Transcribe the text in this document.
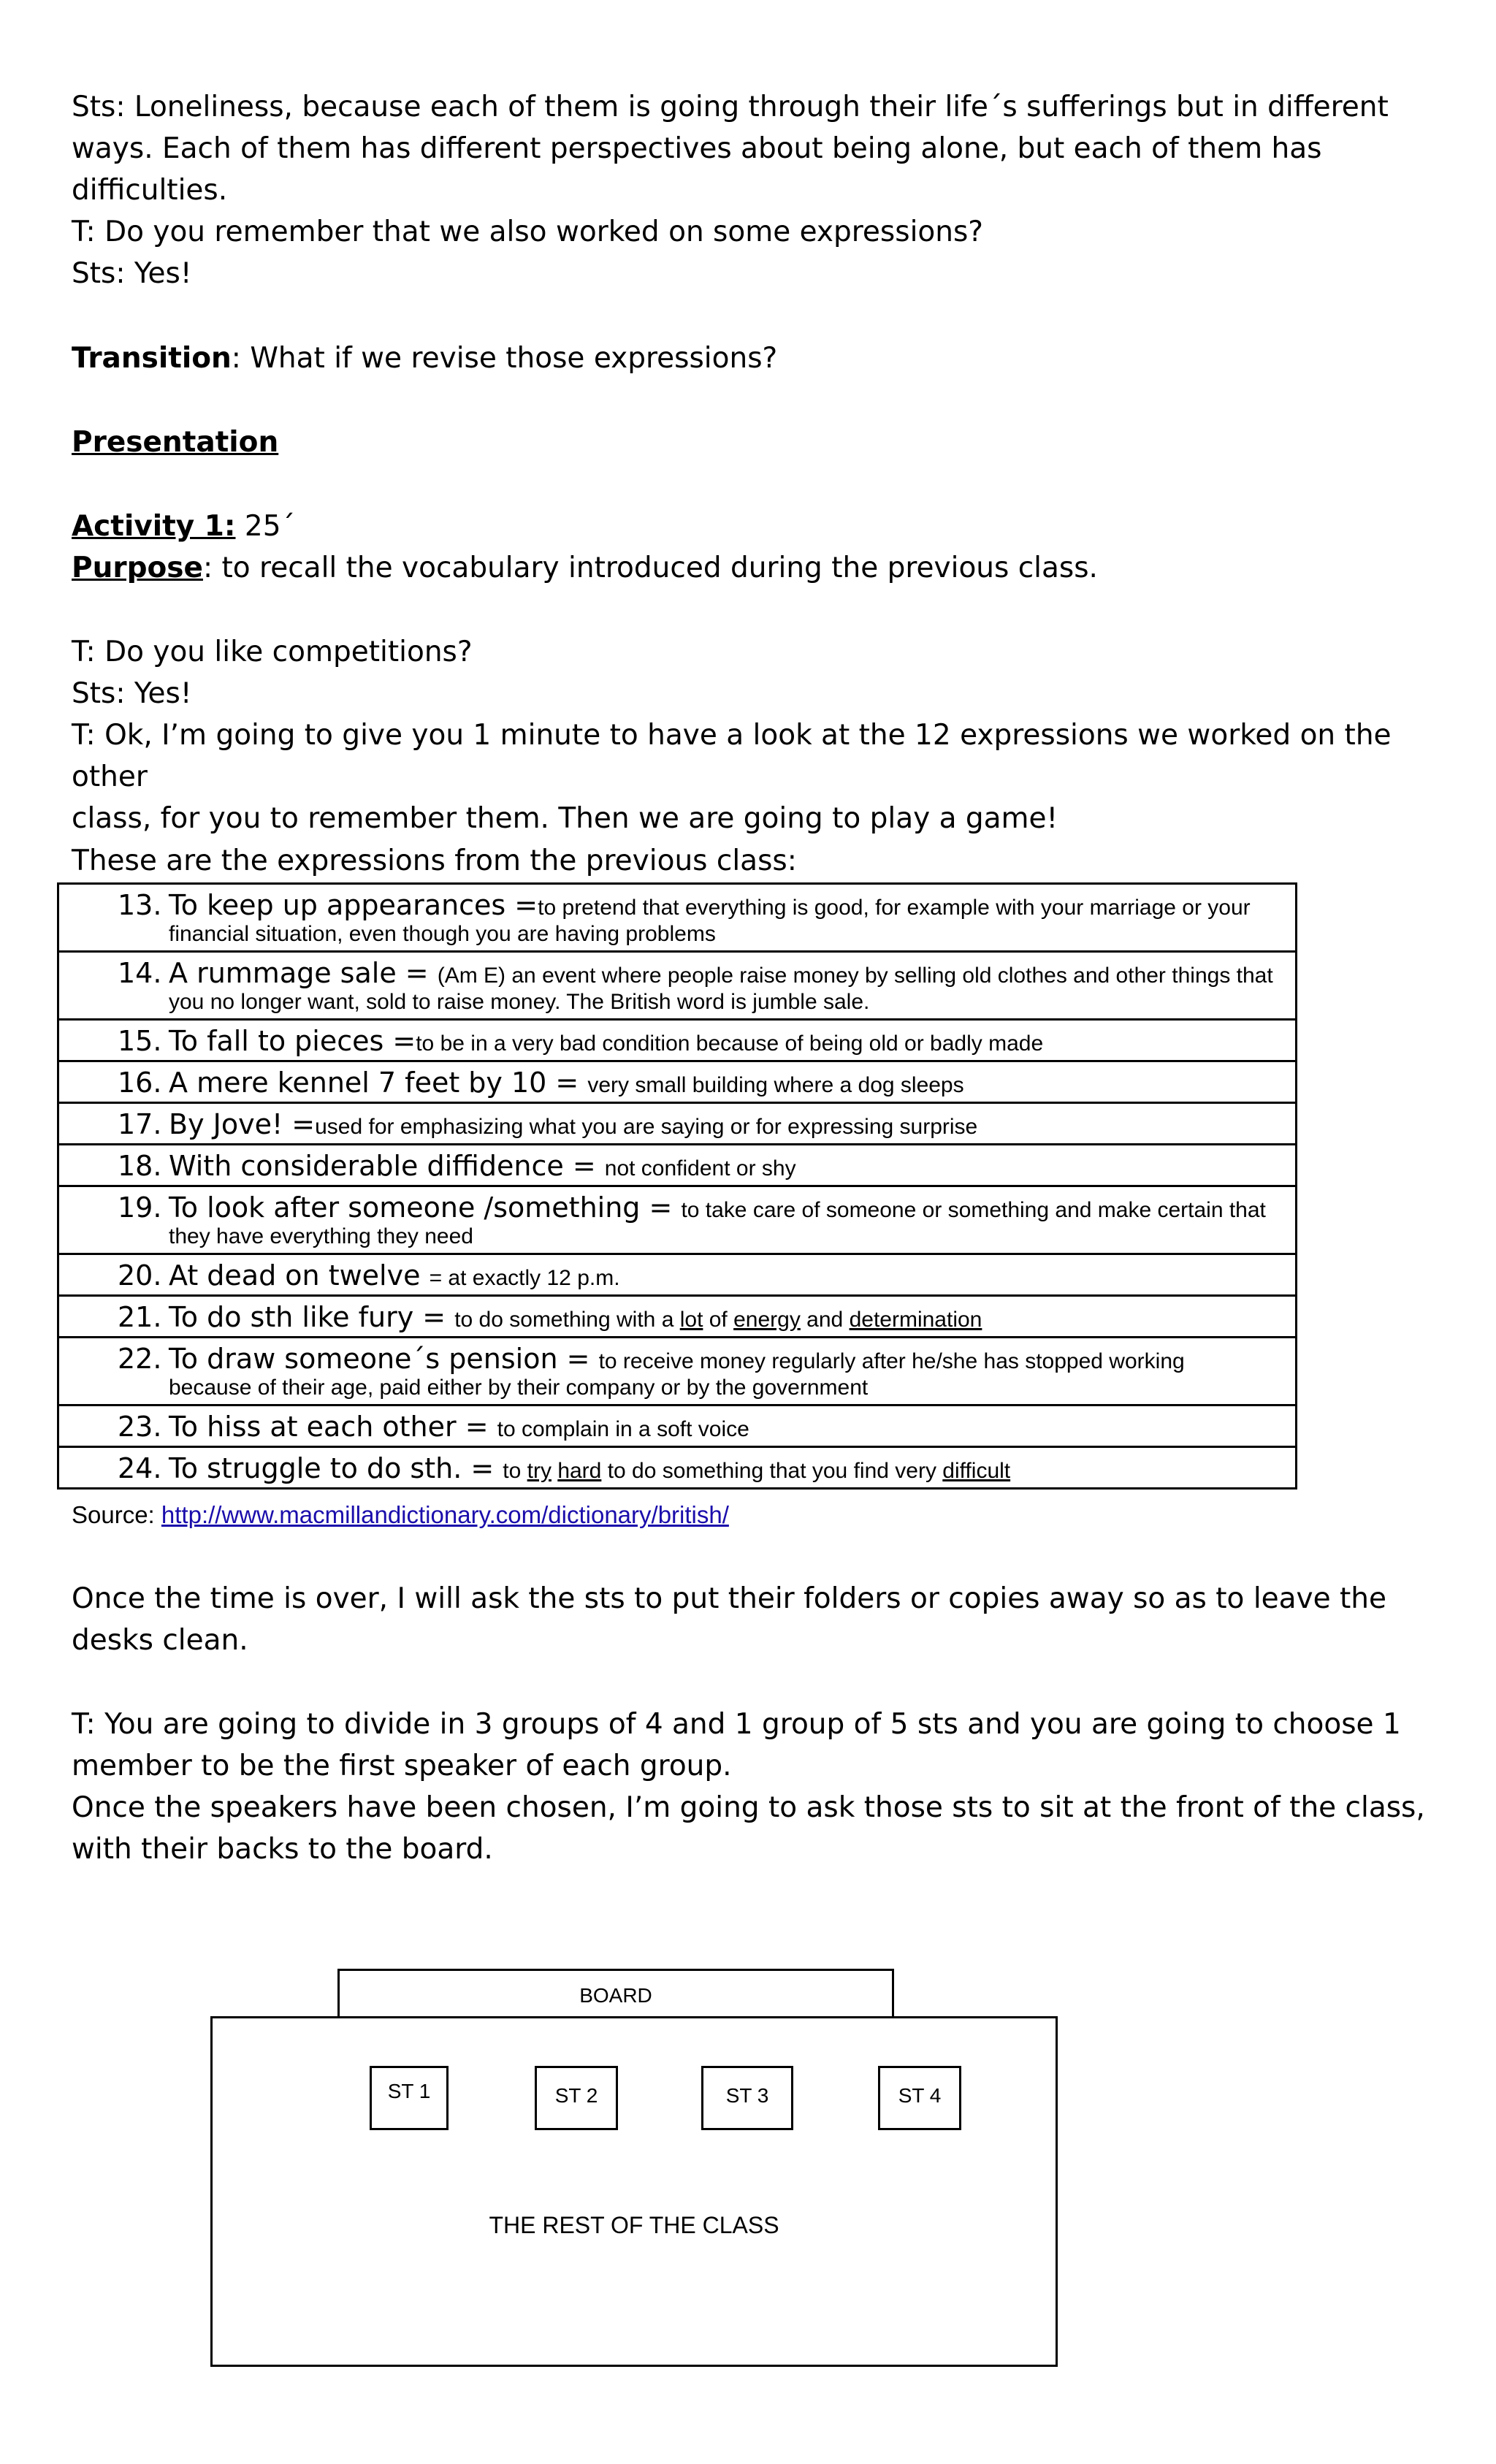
Sts: Loneliness, because each of them is going through their life´s sufferings but in different
ways. Each of them has different perspectives about being alone, but each of them has
difficulties.
T: Do you remember that we also worked on some expressions?
Sts: Yes!
Transition: What if we revise those expressions?
Presentation
Activity 1: 25´
Purpose: to recall the vocabulary introduced during the previous class.
T: Do you like competitions?
Sts: Yes!
T: Ok, I’m going to give you 1 minute to have a look at the 12 expressions we worked on the other
class, for you to remember them. Then we are going to play a game!
These are the expressions from the previous class:
13. To keep up appearances =to pretend that everything is good, for example with your marriage or your
financial situation, even though you are having problems

14. A rummage sale = (Am E) an event where people raise money by selling old clothes and other things that
you no longer want, sold to raise money. The British word is jumble sale.

15. To fall to pieces =to be in a very bad condition because of being old or badly made

16. A mere kennel 7 feet by 10 = very small building where a dog sleeps

17. By Jove! =used for emphasizing what you are saying or for expressing surprise

18. With considerable diffidence = not confident or shy

19. To look after someone /something = to take care of someone or something and make certain that
they have everything they need

20. At dead on twelve = at exactly 12 p.m.

21. To do sth like fury = to do something with a lot of energy and determination

22. To draw someone´s pension = to receive money regularly after he/she has stopped working
because of their age, paid either by their company or by the government

23. To hiss at each other = to complain in a soft voice

24. To struggle to do sth. = to try hard to do something that you find very difficult
Source: http://www.macmillandictionary.com/dictionary/british/
Once the time is over, I will ask the sts to put their folders or copies away so as to leave the
desks clean.
T: You are going to divide in 3 groups of 4 and 1 group of 5 sts and you are going to choose 1
member to be the first speaker of each group.
Once the speakers have been chosen, I’m going to ask those sts to sit at the front of the class,
with their backs to the board.
BOARD
THE REST OF THE CLASS
ST 1	ST 2	ST 3	ST 4
